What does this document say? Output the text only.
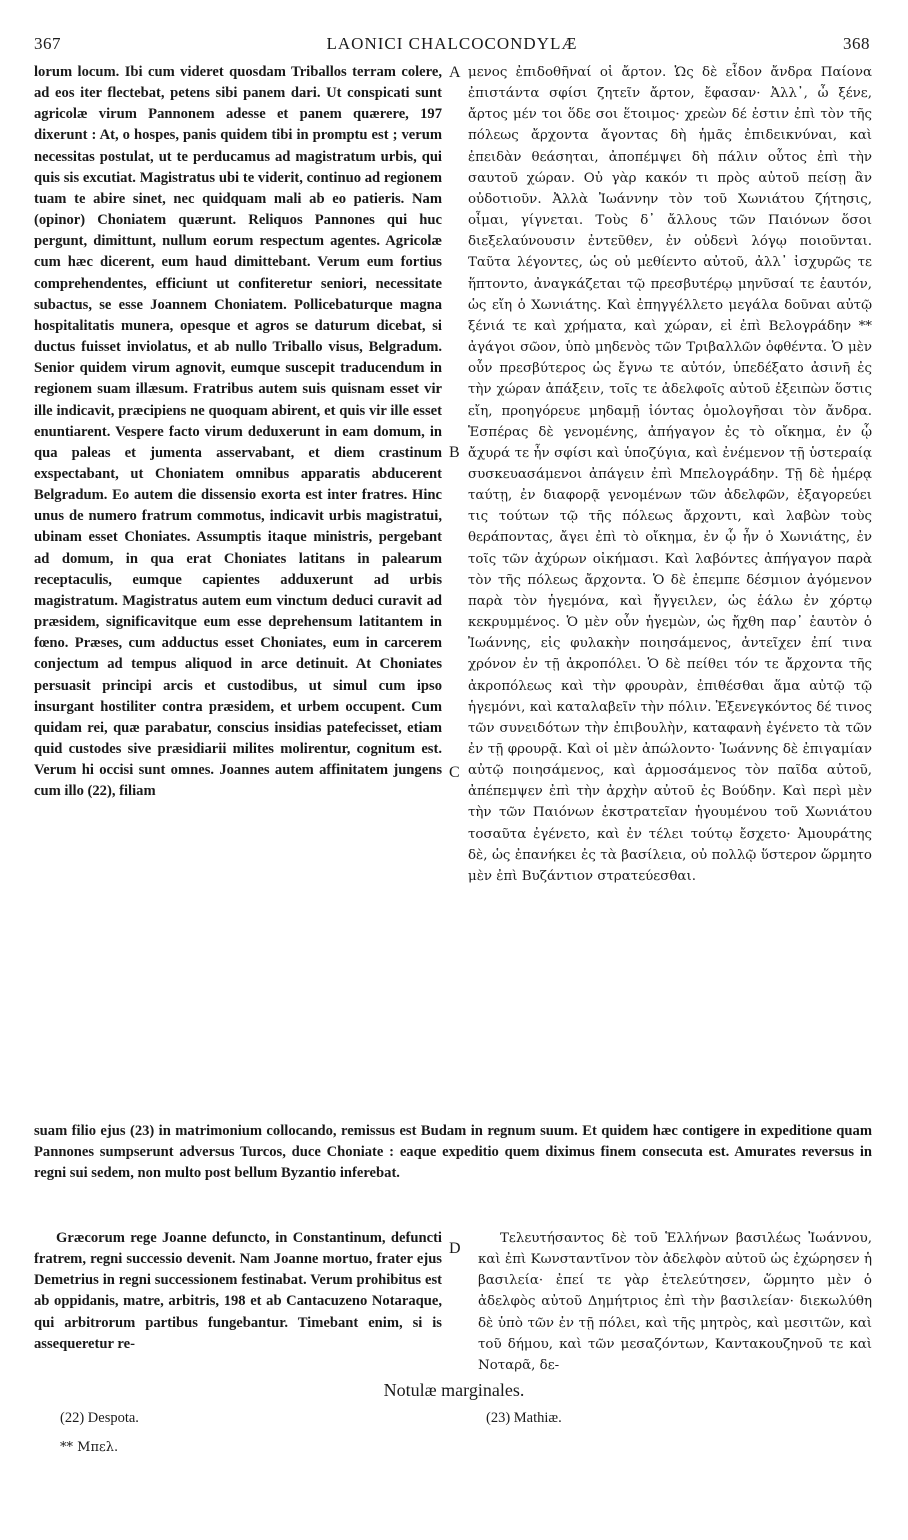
367	LAONICI CHALCOCONDYLÆ	368

lorum locum. Ibi cum videret quosdam Triballos terram colere, ad eos iter flectebat, petens sibi panem dari. Ut conspicati sunt agricolæ virum Pannonem adesse et panem quærere, 197 dixerunt : At, o hospes, panis quidem tibi in promptu est ; verum necessitas postulat, ut te perducamus ad magistratum urbis, qui quis sis excutiat. Magistratus ubi te viderit, continuo ad regionem tuam te abire sinet, nec quidquam mali ab eo patieris. Nam (opinor) Choniatem quærunt. Reliquos Pannones qui huc pergunt, dimittunt, nullum eorum respectum agentes. Agricolæ cum hæc dicerent, eum haud dimittebant. Verum eum fortius comprehendentes, efficiunt ut confiteretur seniori, necessitate subactus, se esse Joannem Choniatem. Pollicebaturque magna hospitalitatis munera, opesque et agros se daturum dicebat, si ductus fuisset inviolatus, et ab nullo Triballo visus, Belgradum. Senior quidem virum agnovit, eumque suscepit traducendum in regionem suam illæsum. Fratribus autem suis quisnam esset vir ille indicavit, præcipiens ne quoquam abirent, et quis vir ille esset enuntiarent. Vespere facto virum deduxerunt in eam domum, in qua paleas et jumenta asservabant, et diem crastinum exspectabant, ut Choniatem omnibus apparatis abducerent Belgradum. Eo autem die dissensio exorta est inter fratres. Hinc unus de numero fratrum commotus, indicavit urbis magistratui, ubinam esset Choniates. Assumptis itaque ministris, pergebant ad domum, in qua erat Choniates latitans in palearum receptaculis, eumque capientes adduxerunt ad urbis magistratum. Magistratus autem eum vinctum deduci curavit ad præsidem, significavitque eum esse deprehensum latitantem in fœno. Præses, cum adductus esset Choniates, eum in carcerem conjectum ad tempus aliquod in arce detinuit. At Choniates persuasit principi arcis et custodibus, ut simul cum ipso insurgant hostiliter contra præsidem, et urbem occupent. Cum quidam rei, quæ parabatur, conscius insidias patefecisset, etiam quid custodes sive præsidiarii milites molirentur, cognitum est. Verum hi occisi sunt omnes. Joannes autem affinitatem jungens cum illo (22), filiam

μενος ἐπιδοθῆναί οἱ ἄρτον. Ὡς δὲ εἶδον ἄνδρα Παίονα ἐπιστάντα σφίσι ζητεῖν ἄρτον, ἔφασαν· Ἀλλ᾽, ὦ ξένε, ἄρτος μέν τοι ὅδε σοι ἕτοιμος· χρεὼν δέ ἐστιν ἐπὶ τὸν τῆς πόλεως ἄρχοντα ἄγοντας δὴ ἡμᾶς ἐπιδεικνύναι, καὶ ἐπειδὰν θεάσηται, ἀποπέμψει δὴ πάλιν οὗτος ἐπὶ τὴν σαυτοῦ χώραν. Οὐ γὰρ κακόν τι πρὸς αὐτοῦ πείσῃ ἂν οὐδοτιοῦν. Ἀλλὰ Ἰωάννην τὸν τοῦ Χωνιάτου ζήτησις, οἶμαι, γίγνεται. Τοὺς δ᾽ ἄλλους τῶν Παιόνων ὅσοι διεξελαύνουσιν ἐντεῦθεν, ἐν οὐδενὶ λόγῳ ποιοῦνται. Ταῦτα λέγοντες, ὡς οὐ μεθίεντο αὐτοῦ, ἀλλ᾽ ἰσχυρῶς τε ἥπτοντο, ἀναγκάζεται τῷ πρεσβυτέρῳ μηνῦσαί τε ἑαυτόν, ὡς εἴη ὁ Χωνιάτης. Καὶ ἐπηγγέλλετο μεγάλα δοῦναι αὐτῷ ξένιά τε καὶ χρήματα, καὶ χώραν, εἰ ἐπὶ Βελογράδην ** ἀγάγοι σῶον, ὑπὸ μηδενὸς τῶν Τριβαλλῶν ὀφθέντα. Ὁ μὲν οὖν πρεσβύτερος ὡς ἔγνω τε αὐτόν, ὑπεδέξατο ἀσινῆ ἐς τὴν χώραν ἀπάξειν, τοῖς τε ἀδελφοῖς αὐτοῦ ἐξειπὼν ὅστις εἴη, προηγόρευε μηδαμῇ ἰόντας ὁμολογῆσαι τὸν ἄνδρα. Ἑσπέρας δὲ γενομένης, ἀπήγαγον ἐς τὸ οἴκημα, ἐν ᾧ ἄχυρά τε ἦν σφίσι καὶ ὑποζύγια, καὶ ἐνέμενον τῇ ὑστεραίᾳ συσκευασάμενοι ἀπάγειν ἐπὶ Μπελογράδην. Τῇ δὲ ἡμέρᾳ ταύτῃ, ἐν διαφορᾷ γενομένων τῶν ἀδελφῶν, ἐξαγορεύει τις τούτων τῷ τῆς πόλεως ἄρχοντι, καὶ λαβὼν τοὺς θεράποντας, ἄγει ἐπὶ τὸ οἴκημα, ἐν ᾧ ἦν ὁ Χωνιάτης, ἐν τοῖς τῶν ἀχύρων οἰκήμασι. Καὶ λαβόντες ἀπήγαγον παρὰ τὸν τῆς πόλεως ἄρχοντα. Ὁ δὲ ἐπεμπε δέσμιον ἀγόμενον παρὰ τὸν ἡγεμόνα, καὶ ἤγγειλεν, ὡς ἑάλω ἐν χόρτῳ κεκρυμμένος. Ὁ μὲν οὖν ἡγεμὼν, ὡς ἤχθη παρ᾽ ἑαυτὸν ὁ Ἰωάννης, εἰς φυλακὴν ποιησάμενος, ἀντεῖχεν ἐπί τινα χρόνον ἐν τῇ ἀκροπόλει. Ὁ δὲ πείθει τόν τε ἄρχοντα τῆς ἀκροπόλεως καὶ τὴν φρουρὰν, ἐπιθέσθαι ἅμα αὐτῷ τῷ ἡγεμόνι, καὶ καταλαβεῖν τὴν πόλιν. Ἐξενεγκόντος δέ τινος τῶν συνειδότων τὴν ἐπιβουλὴν, καταφανὴ ἐγένετο τὰ τῶν ἐν τῇ φρουρᾷ. Καὶ οἱ μὲν ἀπώλοντο· Ἰωάννης δὲ ἐπιγαμίαν αὐτῷ ποιησάμενος, καὶ ἁρμοσάμενος τὸν παῖδα αὐτοῦ, ἀπέπεμψεν ἐπὶ τὴν ἀρχὴν αὐτοῦ ἐς Βούδην. Καὶ περὶ μὲν τὴν τῶν Παιόνων ἐκστρατεῖαν ἡγουμένου τοῦ Χωνιάτου τοσαῦτα ἐγένετο, καὶ ἐν τέλει τούτῳ ἔσχετο· Ἀμουράτης δὲ, ὡς ἐπανήκει ἐς τὰ βασίλεια, οὐ πολλῷ ὕστερον ὥρμητο μὲν ἐπὶ Βυζάντιον στρατεύεσθαι.

A
B
C
D
suam filio ejus (23) in matrimonium collocando, remissus est Budam in regnum suum. Et quidem hæc contigere in expeditione quam Pannones sumpserunt adversus Turcos, duce Choniate : eaque expeditio quem diximus finem consecuta est. Amurates reversus in regni sui sedem, non multo post bellum Byzantio inferebat.

Græcorum rege Joanne defuncto, in Constantinum, defuncti fratrem, regni successio devenit. Nam Joanne mortuo, frater ejus Demetrius in regni successionem festinabat. Verum prohibitus est ab oppidanis, matre, arbitris, 198 et ab Cantacuzeno Notaraque, qui arbitrorum partibus fungebantur. Timebant enim, si is assequeretur re-

Τελευτήσαντος δὲ τοῦ Ἑλλήνων βασιλέως Ἰωάννου, καὶ ἐπὶ Κωνσταντῖνον τὸν ἀδελφὸν αὐτοῦ ὡς ἐχώρησεν ἡ βασιλεία· ἐπεί τε γὰρ ἐτελεύτησεν, ὥρμητο μὲν ὁ ἀδελφὸς αὐτοῦ Δημήτριος ἐπὶ τὴν βασιλείαν· διεκωλύθη δὲ ὑπὸ τῶν ἐν τῇ πόλει, καὶ τῆς μητρὸς, καὶ μεσιτῶν, καὶ τοῦ δήμου, καὶ τῶν μεσαζόντων, Καντακουζηνοῦ τε καὶ Νοταρᾶ, δε-

Notulæ marginales.
(22) Despota.	(23) Mathiæ.
** Μπελ.
